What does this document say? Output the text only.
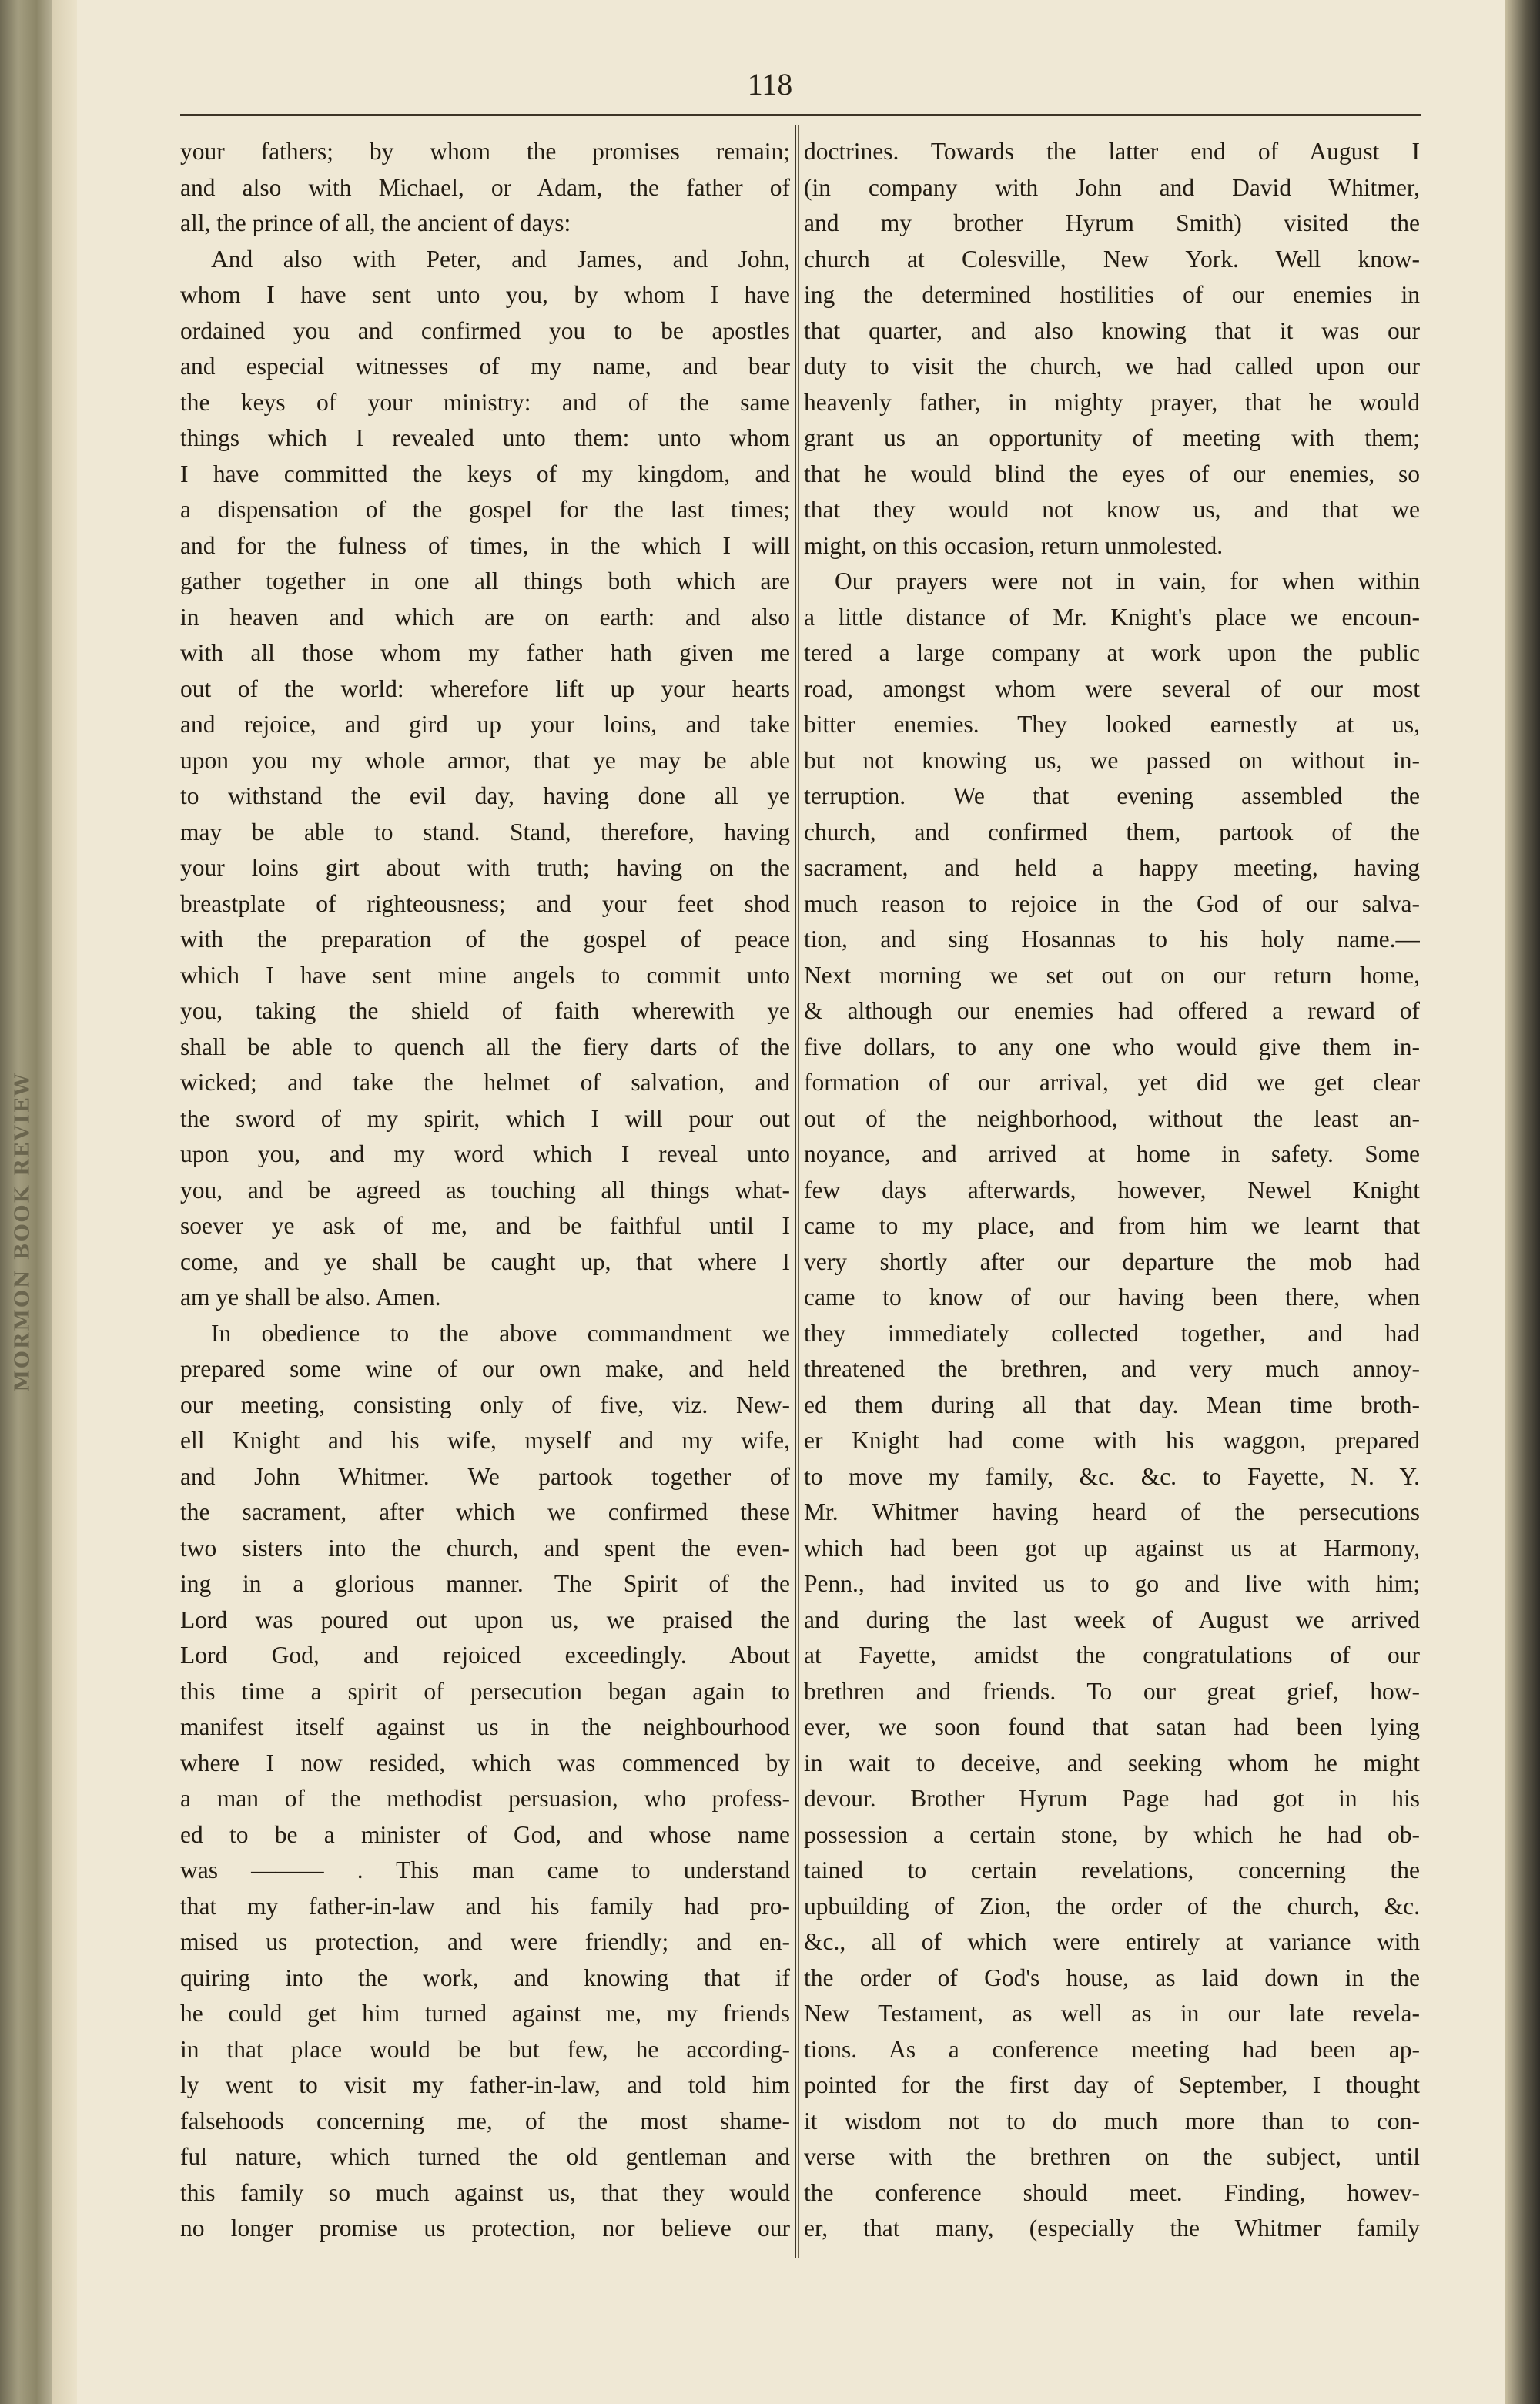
MORMON BOOK REVIEW
118
your fathers; by whom the promises remain;
and also with Michael, or Adam, the father of
all, the prince of all, the ancient of days:
And also with Peter, and James, and John,
whom I have sent unto you, by whom I have
ordained you and confirmed you to be apostles
and especial witnesses of my name, and bear
the keys of your ministry: and of the same
things which I revealed unto them: unto whom
I have committed the keys of my kingdom, and
a dispensation of the gospel for the last times;
and for the fulness of times, in the which I will
gather together in one all things both which are
in heaven and which are on earth: and also
with all those whom my father hath given me
out of the world: wherefore lift up your hearts
and rejoice, and gird up your loins, and take
upon you my whole armor, that ye may be able
to withstand the evil day, having done all ye
may be able to stand. Stand, therefore, having
your loins girt about with truth; having on the
breastplate of righteousness; and your feet shod
with the preparation of the gospel of peace
which I have sent mine angels to commit unto
you, taking the shield of faith wherewith ye
shall be able to quench all the fiery darts of the
wicked; and take the helmet of salvation, and
the sword of my spirit, which I will pour out
upon you, and my word which I reveal unto
you, and be agreed as touching all things what-
soever ye ask of me, and be faithful until I
come, and ye shall be caught up, that where I
am ye shall be also. Amen.
In obedience to the above commandment we
prepared some wine of our own make, and held
our meeting, consisting only of five, viz. New-
ell Knight and his wife, myself and my wife,
and John Whitmer. We partook together of
the sacrament, after which we confirmed these
two sisters into the church, and spent the even-
ing in a glorious manner. The Spirit of the
Lord was poured out upon us, we praised the
Lord God, and rejoiced exceedingly. About
this time a spirit of persecution began again to
manifest itself against us in the neighbourhood
where I now resided, which was commenced by
a man of the methodist persuasion, who profess-
ed to be a minister of God, and whose name
was ——— . This man came to understand
that my father-in-law and his family had pro-
mised us protection, and were friendly; and en-
quiring into the work, and knowing that if
he could get him turned against me, my friends
in that place would be but few, he according-
ly went to visit my father-in-law, and told him
falsehoods concerning me, of the most shame-
ful nature, which turned the old gentleman and
this family so much against us, that they would
no longer promise us protection, nor believe our
doctrines. Towards the latter end of August I
(in company with John and David Whitmer,
and my brother Hyrum Smith) visited the
church at Colesville, New York. Well know-
ing the determined hostilities of our enemies in
that quarter, and also knowing that it was our
duty to visit the church, we had called upon our
heavenly father, in mighty prayer, that he would
grant us an opportunity of meeting with them;
that he would blind the eyes of our enemies, so
that they would not know us, and that we
might, on this occasion, return unmolested.
Our prayers were not in vain, for when within
a little distance of Mr. Knight's place we encoun-
tered a large company at work upon the public
road, amongst whom were several of our most
bitter enemies. They looked earnestly at us,
but not knowing us, we passed on without in-
terruption. We that evening assembled the
church, and confirmed them, partook of the
sacrament, and held a happy meeting, having
much reason to rejoice in the God of our salva-
tion, and sing Hosannas to his holy name.—
Next morning we set out on our return home,
& although our enemies had offered a reward of
five dollars, to any one who would give them in-
formation of our arrival, yet did we get clear
out of the neighborhood, without the least an-
noyance, and arrived at home in safety. Some
few days afterwards, however, Newel Knight
came to my place, and from him we learnt that
very shortly after our departure the mob had
came to know of our having been there, when
they immediately collected together, and had
threatened the brethren, and very much annoy-
ed them during all that day. Mean time broth-
er Knight had come with his waggon, prepared
to move my family, &c. &c. to Fayette, N. Y.
Mr. Whitmer having heard of the persecutions
which had been got up against us at Harmony,
Penn., had invited us to go and live with him;
and during the last week of August we arrived
at Fayette, amidst the congratulations of our
brethren and friends. To our great grief, how-
ever, we soon found that satan had been lying
in wait to deceive, and seeking whom he might
devour. Brother Hyrum Page had got in his
possession a certain stone, by which he had ob-
tained to certain revelations, concerning the
upbuilding of Zion, the order of the church, &c.
&c., all of which were entirely at variance with
the order of God's house, as laid down in the
New Testament, as well as in our late revela-
tions. As a conference meeting had been ap-
pointed for the first day of September, I thought
it wisdom not to do much more than to con-
verse with the brethren on the subject, until
the conference should meet. Finding, howev-
er, that many, (especially the Whitmer family
